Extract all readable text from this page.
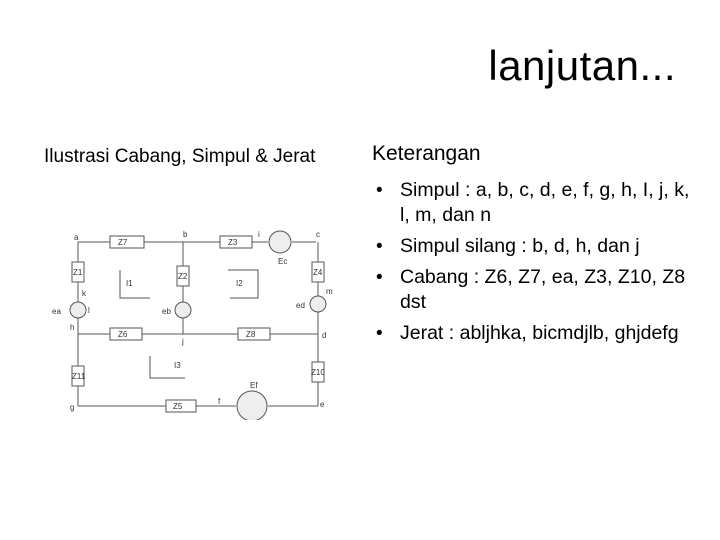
lanjutan...
Ilustrasi Cabang, Simpul & Jerat	Keterangan
• Simpul : a, b, c, d, e, f, g, h, I, j, k, l, m, dan n
• Simpul silang : b, d, h, dan j
• Cabang : Z6, Z7, ea, Z3, Z10, Z8 dst
• Jerat : abljhka, bicmdjlb, ghjdefg
a	b	c
d
e
f
g
h
i
j
k
l
m
Z7	Z3
Z1	Z2	Z4
Z6	Z8
Z11	Z10
Z5
ea	eb
Ec
ed
Ef
I1	I2
I3
